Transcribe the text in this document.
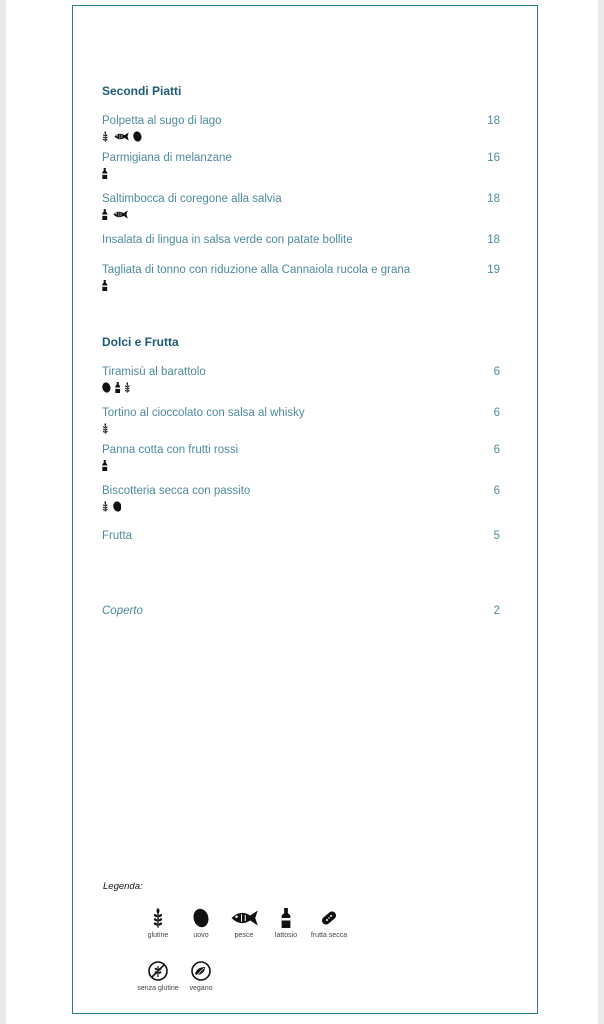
Secondi Piatti
Polpetta al sugo di lago	18
Parmigiana di melanzane	16
Saltimbocca di coregone alla salvia	18
Insalata di lingua in salsa verde con patate bollite	18
Tagliata di tonno con riduzione alla Cannaiola rucola e grana	19
Dolci e Frutta
Tiramisù al barattolo	6
Tortino al cioccolato con salsa al whisky	6
Panna cotta con frutti rossi	6
Biscotteria secca con passito	6
Frutta	5
Coperto	2
Legenda:
glutine	uovo	pesce	lattosio	frutta secca
senza glutine	vegano
